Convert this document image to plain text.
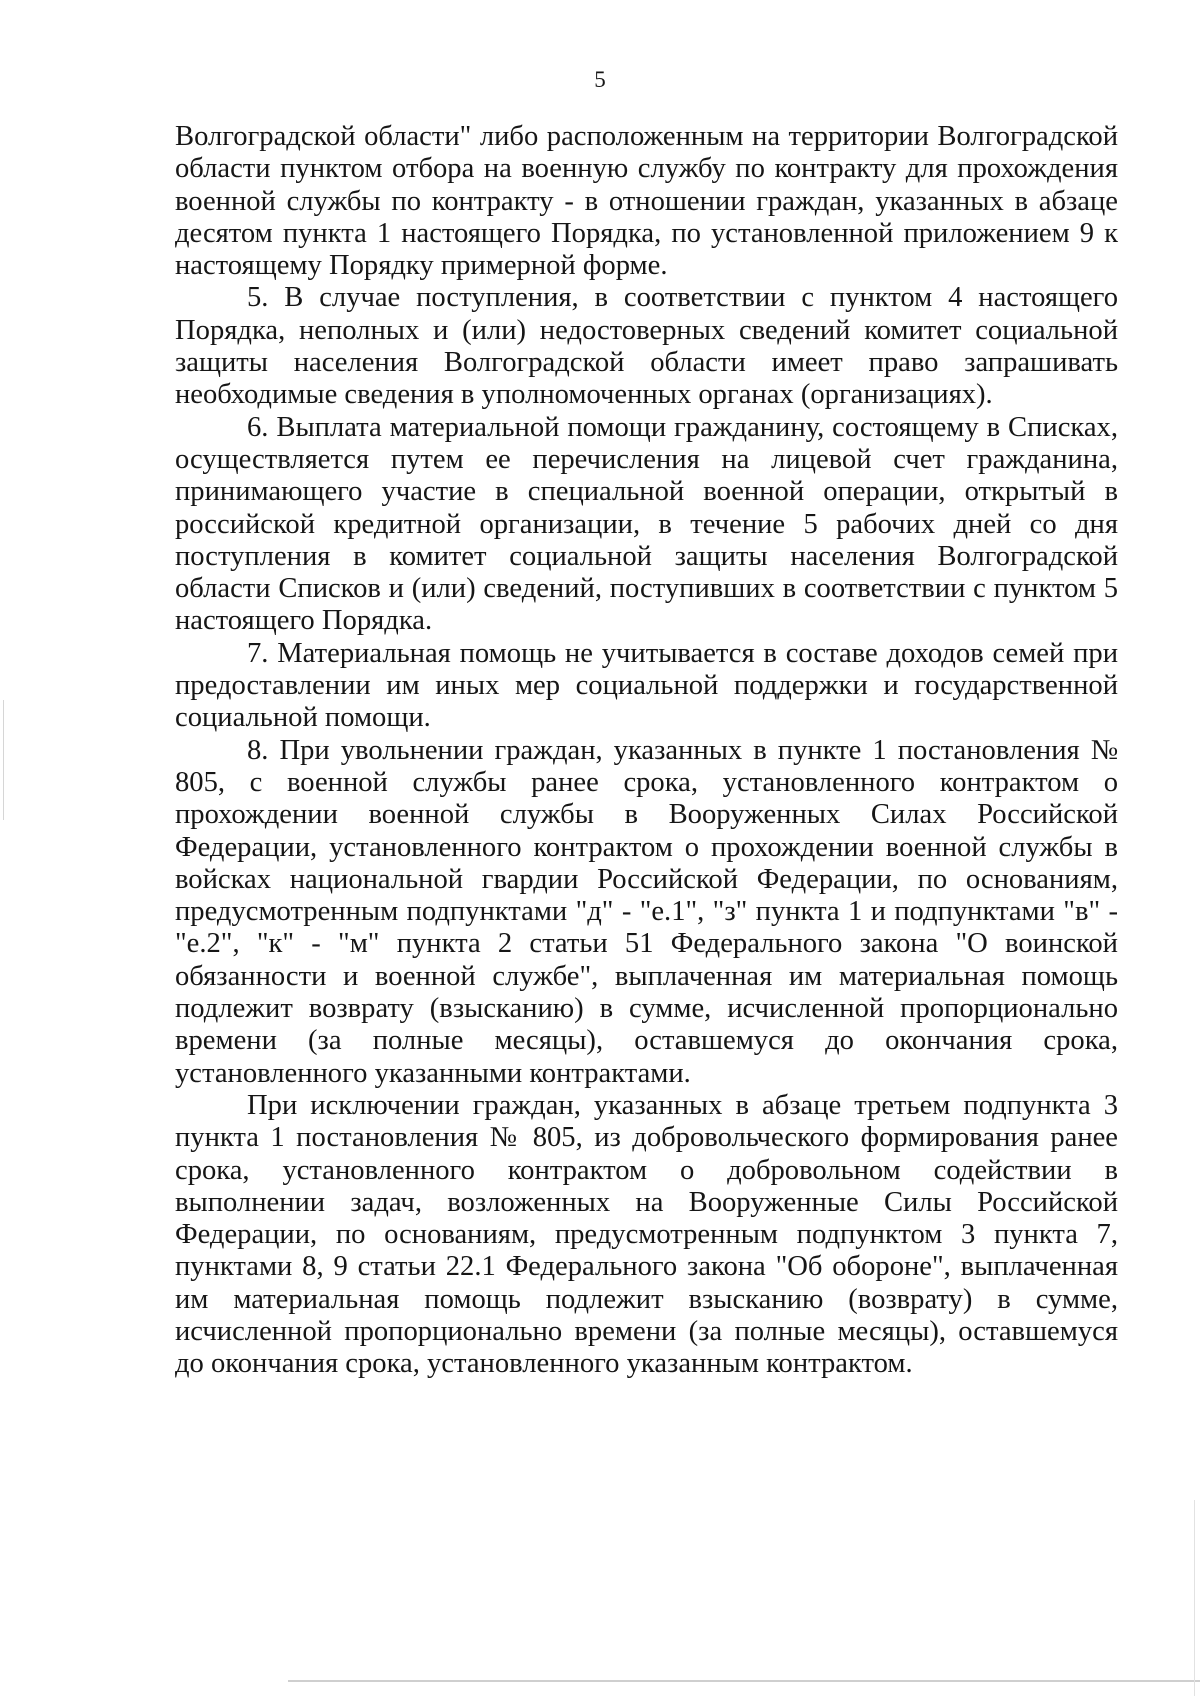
5

Волгоградской области" либо расположенным на территории Волгоградской области пунктом отбора на военную службу по контракту для прохождения военной службы по контракту - в отношении граждан, указанных в абзаце десятом пункта 1 настоящего Порядка, по установленной приложением 9 к настоящему Порядку примерной форме.

5. В случае поступления, в соответствии с пунктом 4 настоящего Порядка, неполных и (или) недостоверных сведений комитет социальной защиты населения Волгоградской области имеет право запрашивать необходимые сведения в уполномоченных органах (организациях).

6. Выплата материальной помощи гражданину, состоящему в Списках, осуществляется путем ее перечисления на лицевой счет гражданина, принимающего участие в специальной военной операции, открытый в российской кредитной организации, в течение 5 рабочих дней со дня поступления в комитет социальной защиты населения Волгоградской области Списков и (или) сведений, поступивших в соответствии с пунктом 5 настоящего Порядка.

7. Материальная помощь не учитывается в составе доходов семей при предоставлении им иных мер социальной поддержки и государственной социальной помощи.

8. При увольнении граждан, указанных в пункте 1 постановления № 805, с военной службы ранее срока, установленного контрактом о прохождении военной службы в Вооруженных Силах Российской Федерации, установленного контрактом о прохождении военной службы в войсках национальной гвардии Российской Федерации, по основаниям, предусмотренным подпунктами "д" - "е.1", "з" пункта 1 и подпунктами "в" - "е.2", "к" - "м" пункта 2 статьи 51 Федерального закона "О воинской обязанности и военной службе", выплаченная им материальная помощь подлежит возврату (взысканию) в сумме, исчисленной пропорционально времени (за полные месяцы), оставшемуся до окончания срока, установленного указанными контрактами.

При исключении граждан, указанных в абзаце третьем подпункта 3 пункта 1 постановления № 805, из добровольческого формирования ранее срока, установленного контрактом о добровольном содействии в выполнении задач, возложенных на Вооруженные Силы Российской Федерации, по основаниям, предусмотренным подпунктом 3 пункта 7, пунктами 8, 9 статьи 22.1 Федерального закона "Об обороне", выплаченная им материальная помощь подлежит взысканию (возврату) в сумме, исчисленной пропорционально времени (за полные месяцы), оставшемуся до окончания срока, установленного указанным контрактом.
